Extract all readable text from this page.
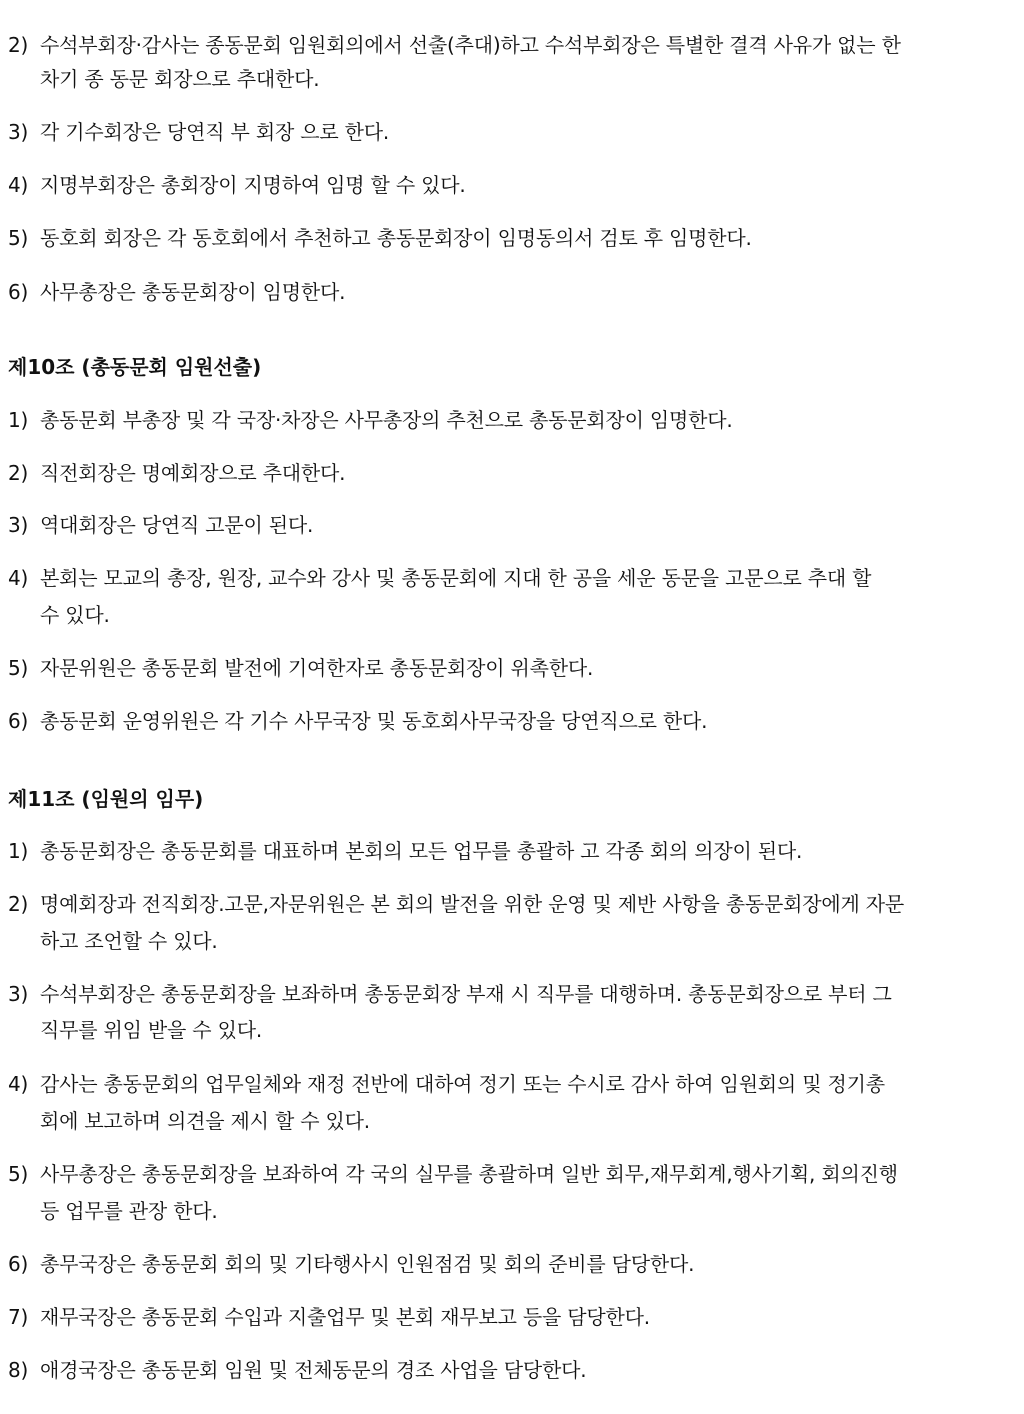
2) 수석부회장·감사는 종동문회 임원회의에서 선출(추대)하고 수석부회장은 특별한 결격 사유가 없는 한
차기 종 동문 회장으로 추대한다.
3) 각 기수회장은 당연직 부 회장 으로 한다.
4) 지명부회장은 총회장이 지명하여 임명 할 수 있다.
5) 동호회 회장은 각 동호회에서 추천하고 총동문회장이 임명동의서 검토 후 임명한다.
6) 사무총장은 총동문회장이 임명한다.
제10조 (총동문회 임원선출)
1) 총동문회 부총장 및 각 국장·차장은 사무총장의 추천으로 총동문회장이 임명한다.
2) 직전회장은 명예회장으로 추대한다.
3) 역대회장은 당연직 고문이 된다.
4) 본회는 모교의 총장, 원장, 교수와 강사 및 총동문회에 지대 한 공을 세운 동문을 고문으로 추대 할
수 있다.
5) 자문위원은 총동문회 발전에 기여한자로 총동문회장이 위촉한다.
6) 총동문회 운영위원은 각 기수 사무국장 및 동호회사무국장을 당연직으로 한다.
제11조 (임원의 임무)
1) 총동문회장은 총동문회를 대표하며 본회의 모든 업무를 총괄하 고 각종 회의 의장이 된다.
2) 명예회장과 전직회장.고문,자문위원은 본 회의 발전을 위한 운영 및 제반 사항을 총동문회장에게 자문
하고 조언할 수 있다.
3) 수석부회장은 총동문회장을 보좌하며 총동문회장 부재 시 직무를 대행하며. 총동문회장으로 부터 그
직무를 위임 받을 수 있다.
4) 감사는 총동문회의 업무일체와 재정 전반에 대하여 정기 또는 수시로 감사 하여 임원회의 및 정기총
회에 보고하며 의견을 제시 할 수 있다.
5) 사무총장은 총동문회장을 보좌하여 각 국의 실무를 총괄하며 일반 회무,재무회계,행사기획, 회의진행
등 업무를 관장 한다.
6) 총무국장은 총동문회 회의 및 기타행사시 인원점검 및 회의 준비를 담당한다.
7) 재무국장은 총동문회 수입과 지출업무 및 본회 재무보고 등을 담당한다.
8) 애경국장은 총동문회 임원 및 전체동문의 경조 사업을 담당한다.
